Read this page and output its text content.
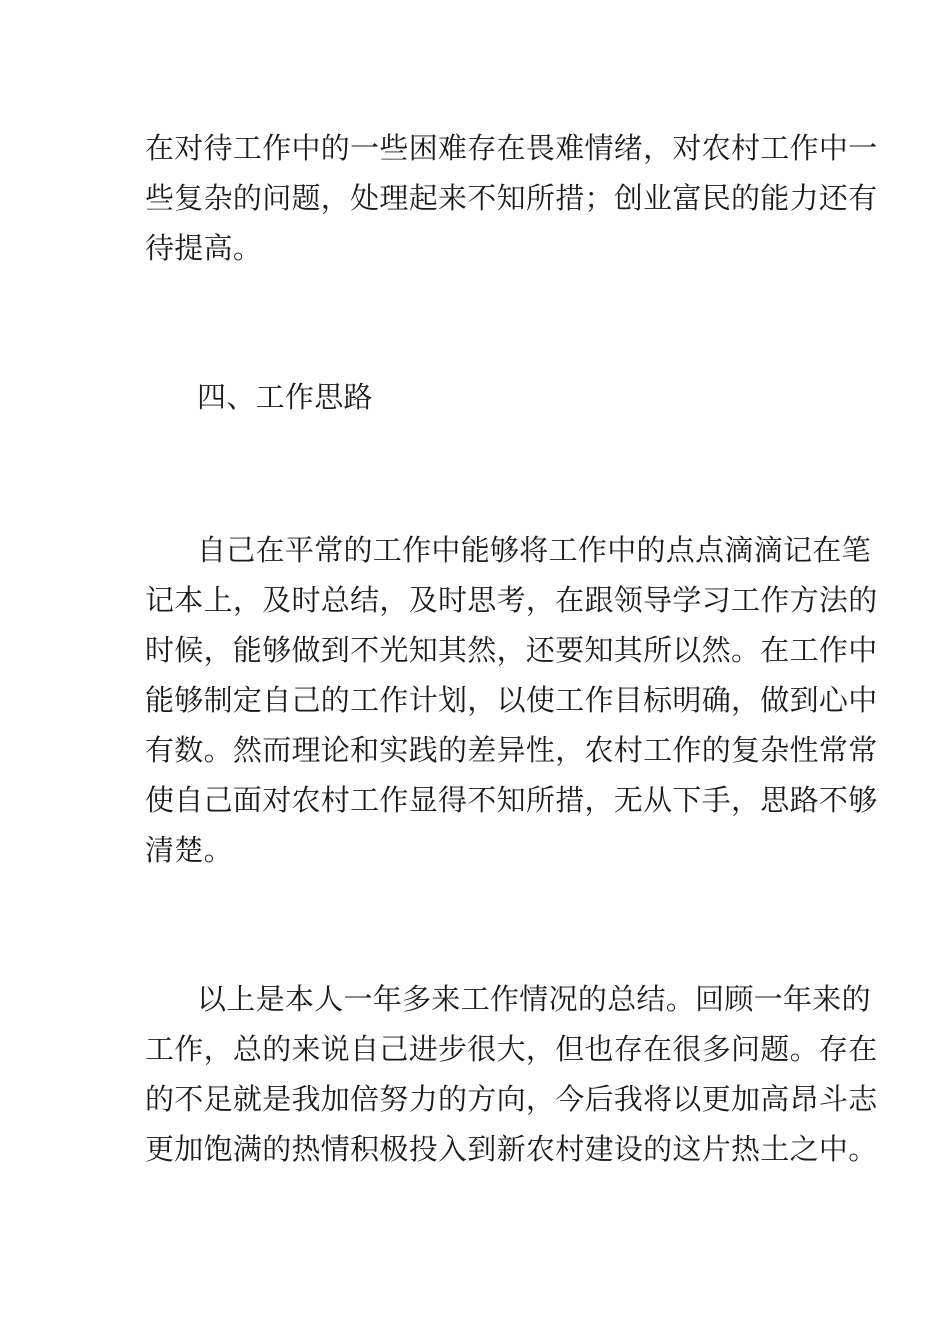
在对待工作中的一些困难存在畏难情绪，对农村工作中一
些复杂的问题，处理起来不知所措；创业富民的能力还有
待提高。
四、工作思路
自己在平常的工作中能够将工作中的点点滴滴记在笔
记本上，及时总结，及时思考，在跟领导学习工作方法的
时候，能够做到不光知其然，还要知其所以然。在工作中
能够制定自己的工作计划，以使工作目标明确，做到心中
有数。然而理论和实践的差异性，农村工作的复杂性常常
使自己面对农村工作显得不知所措，无从下手，思路不够
清楚。
以上是本人一年多来工作情况的总结。回顾一年来的
工作，总的来说自己进步很大，但也存在很多问题。存在
的不足就是我加倍努力的方向，今后我将以更加高昂斗志
更加饱满的热情积极投入到新农村建设的这片热土之中。
